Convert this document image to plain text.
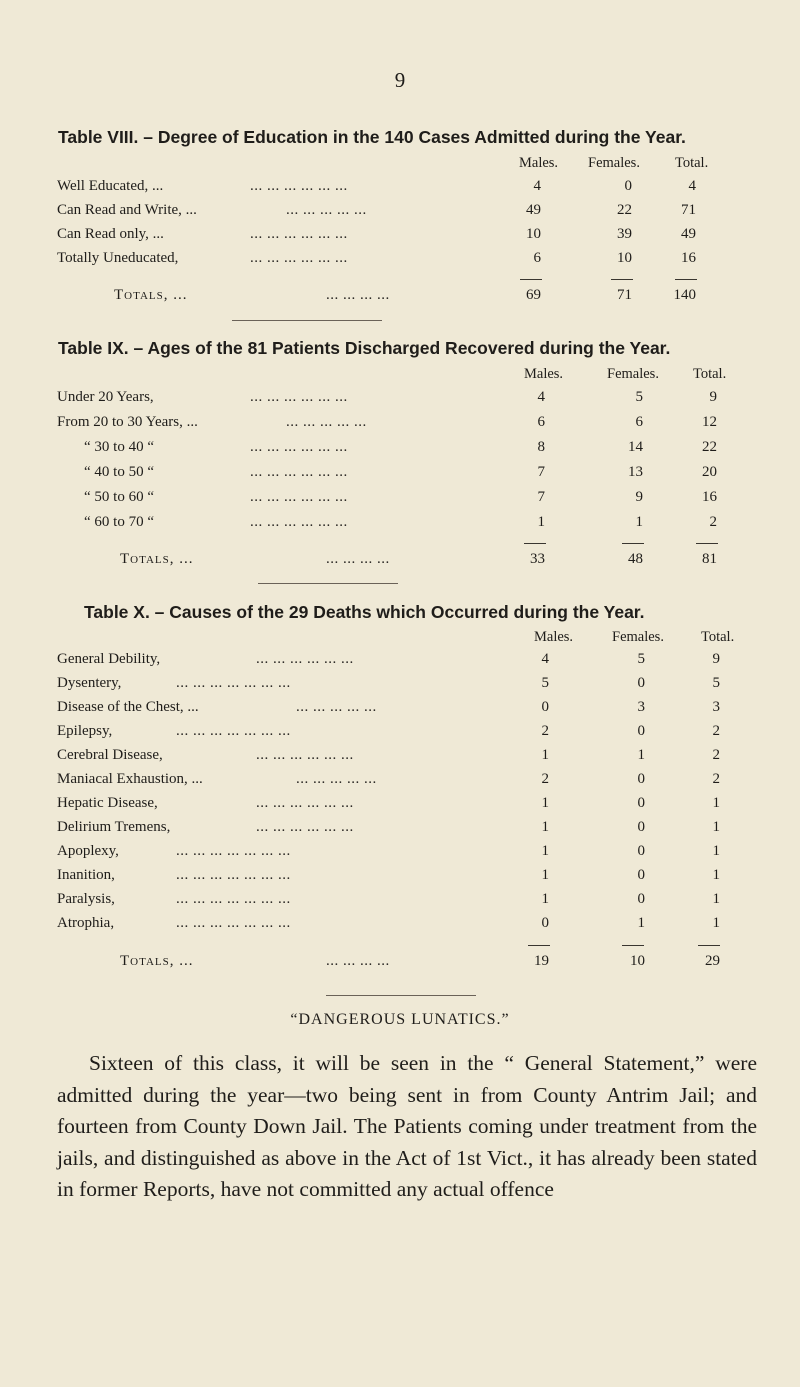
9
Table VIII. – Degree of Education in the 140 Cases Admitted during the Year.
Males. Females. Total.
Well Educated, ...	... ... ... ... ... ...	4	0	4
Can Read and Write, ...	... ... ... ... ...	49	22	71
Can Read only, ...	... ... ... ... ... ...	10	39	49
Totally Uneducated,	... ... ... ... ... ...	6	10	16
Totals, ...	... ... ... ...	69	71	140
Table IX. – Ages of the 81 Patients Discharged Recovered during the Year.
Males.	Females. Total.
Under 20 Years,	... ... ... ... ... ...	4	5	9
From 20 to 30 Years, ...	... ... ... ... ...	6	6	12
“ 30 to 40 “	... ... ... ... ... ...	8	14	22
“ 40 to 50 “	... ... ... ... ... ...	7	13	20
“ 50 to 60 “	... ... ... ... ... ...	7	9	16
“ 60 to 70 “	... ... ... ... ... ...	1	1	2
Totals, ...	... ... ... ...	33	48	81
Table X. – Causes of the 29 Deaths which Occurred during the Year.
Males.	Females.	Total.
General Debility,	... ... ... ... ... ...	4	5	9
Dysentery,	... ... ... ... ... ... ...	5	0	5
Disease of the Chest, ...	... ... ... ... ...	0	3	3
Epilepsy,	... ... ... ... ... ... ...	2	0	2
Cerebral Disease,	... ... ... ... ... ...	1	1	2
Maniacal Exhaustion, ...	... ... ... ... ...	2	0	2
Hepatic Disease,	... ... ... ... ... ...	1	0	1
Delirium Tremens,	... ... ... ... ... ...	1	0	1
Apoplexy,	... ... ... ... ... ... ...	1	0	1
Inanition,	... ... ... ... ... ... ...	1	0	1
Paralysis,	... ... ... ... ... ... ...	1	0	1
Atrophia,	... ... ... ... ... ... ...	0	1	1
Totals, ...	... ... ... ...	19	10	29
“DANGEROUS LUNATICS.”
Sixteen of this class, it will be seen in the “ General Statement,” were admitted during the year—two being sent in from County Antrim Jail; and fourteen from County Down Jail. The Patients coming under treatment from the jails, and distinguished as above in the Act of 1st Vict., it has already been stated in former Reports, have not committed any actual offence
